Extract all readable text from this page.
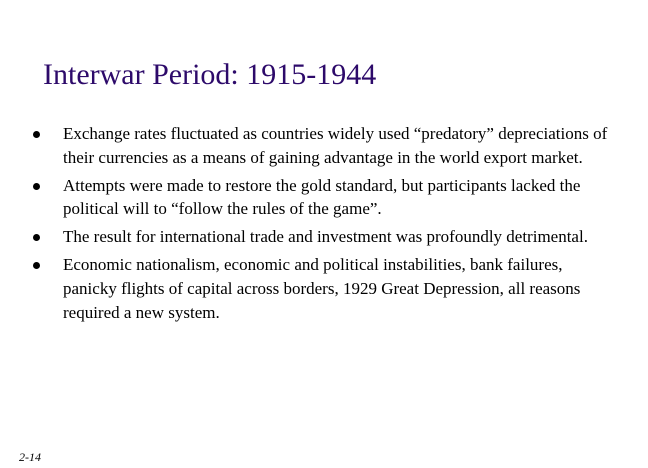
Interwar Period: 1915-1944
Exchange rates fluctuated as countries widely used “predatory” depreciations of their currencies as a means of gaining advantage in the world export market.
Attempts were made to restore the gold standard, but participants lacked the political will to “follow the rules of the game”.
The result for international trade and investment was profoundly detrimental.
Economic nationalism, economic and political instabilities, bank failures, panicky flights of capital across borders, 1929 Great Depression, all reasons required a new system.
2-14
